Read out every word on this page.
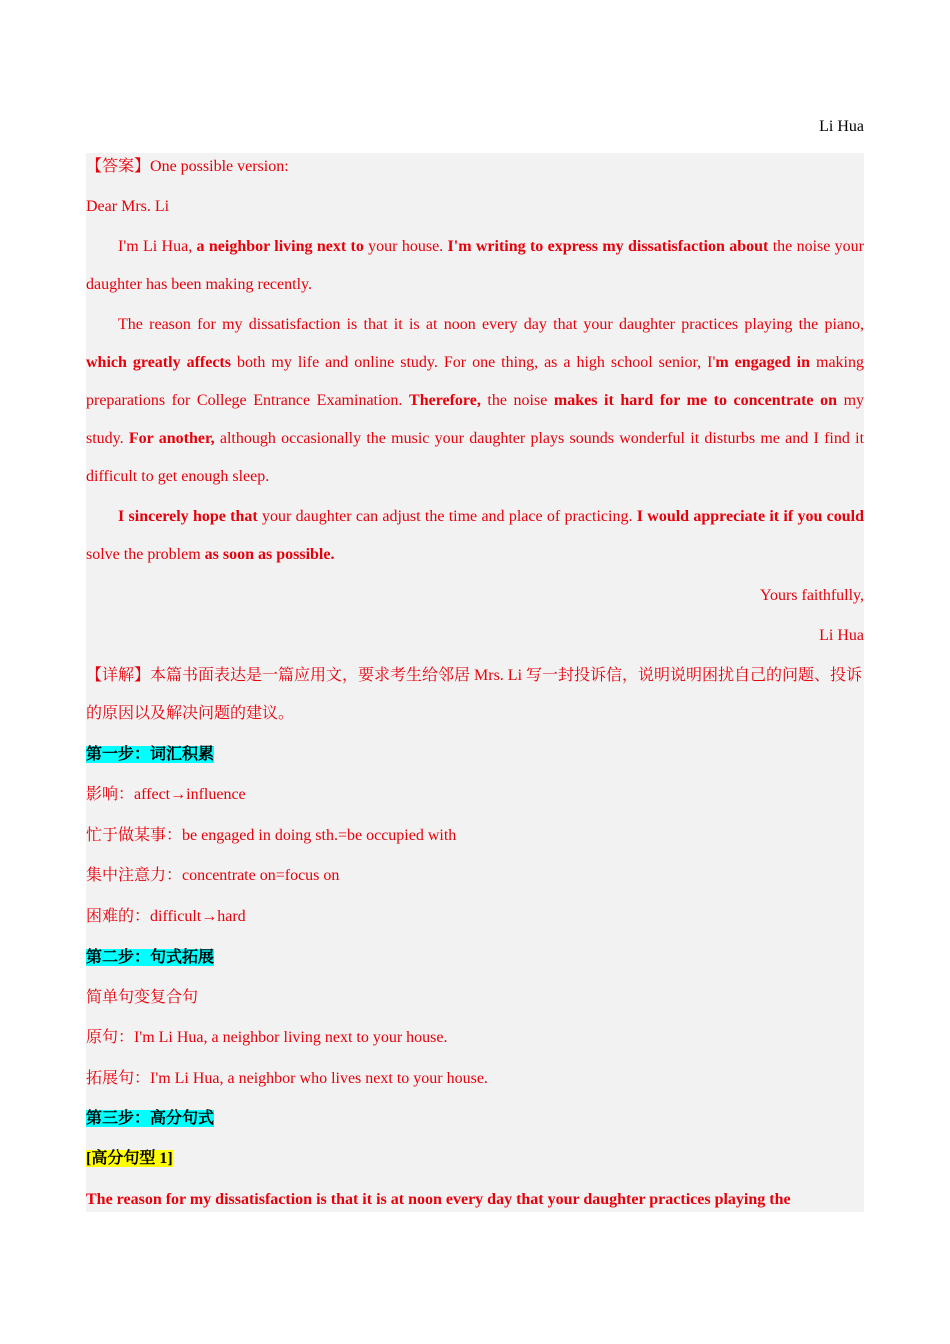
Li Hua
【答案】One possible version:
Dear Mrs. Li
I'm Li Hua, a neighbor living next to your house. I'm writing to express my dissatisfaction about the noise your daughter has been making recently.
The reason for my dissatisfaction is that it is at noon every day that your daughter practices playing the piano, which greatly affects both my life and online study. For one thing, as a high school senior, I'm engaged in making preparations for College Entrance Examination. Therefore, the noise makes it hard for me to concentrate on my study. For another, although occasionally the music your daughter plays sounds wonderful it disturbs me and I find it difficult to get enough sleep.
I sincerely hope that your daughter can adjust the time and place of practicing. I would appreciate it if you could solve the problem as soon as possible.
Yours faithfully,
Li Hua
【详解】本篇书面表达是一篇应用文，要求考生给邻居 Mrs. Li 写一封投诉信，说明说明困扰自己的问题、投诉的原因以及解决问题的建议。
第一步：词汇积累
影响：affect→influence
忙于做某事：be engaged in doing sth.=be occupied with
集中注意力：concentrate on=focus on
困难的：difficult→hard
第二步：句式拓展
简单句变复合句
原句：I'm Li Hua, a neighbor living next to your house.
拓展句：I'm Li Hua, a neighbor who lives next to your house.
第三步：高分句式
[高分句型 1]
The reason for my dissatisfaction is that it is at noon every day that your daughter practices playing the
